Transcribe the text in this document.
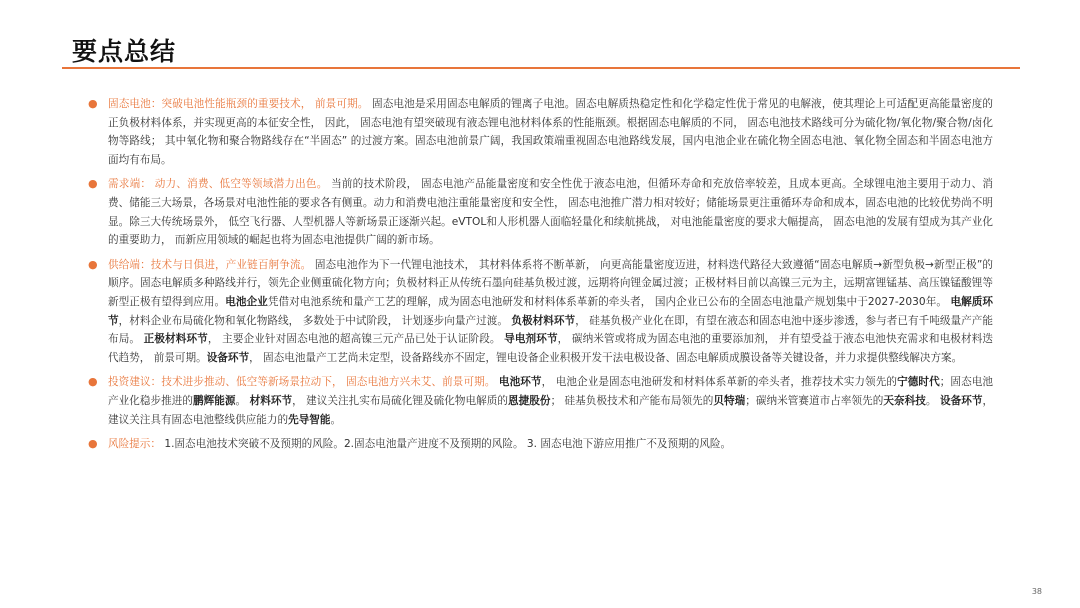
要点总结
● 固态电池：突破电池性能瓶颈的重要技术， 前景可期。 固态电池是采用固态电解质的锂离子电池。固态电解质热稳定性和化学稳定性优于常见的电解液，使其理论上可适配更高能量密度的正负极材料体系，并实现更高的本征安全性， 因此， 固态电池有望突破现有液态锂电池材料体系的性能瓶颈。根据固态电解质的不同， 固态电池技术路线可分为硫化物/氧化物/聚合物/卤化物等路线； 其中氧化物和聚合物路线存在“半固态” 的过渡方案。固态电池前景广阔，我国政策端重视固态电池路线发展，国内电池企业在硫化物全固态电池、氧化物全固态和半固态电池方面均有布局。
● 需求端： 动力、消费、低空等领域潜力出色。 当前的技术阶段， 固态电池产品能量密度和安全性优于液态电池，但循环寿命和充放倍率较差，且成本更高。全球锂电池主要用于动力、消费、储能三大场景，各场景对电池性能的要求各有侧重。动力和消费电池注重能量密度和安全性， 固态电池推广潜力相对较好；储能场景更注重循环寿命和成本，固态电池的比较优势尚不明显。除三大传统场景外， 低空飞行器、人型机器人等新场景正逐渐兴起。eVTOL和人形机器人面临轻量化和续航挑战， 对电池能量密度的要求大幅提高， 固态电池的发展有望成为其产业化的重要助力， 而新应用领域的崛起也将为固态电池提供广阔的新市场。
● 供给端：技术与日俱进，产业链百舸争流。 固态电池作为下一代锂电池技术， 其材料体系将不断革新， 向更高能量密度迈进，材料迭代路径大致遵循“固态电解质→新型负极→新型正极”的顺序。固态电解质多种路线并行，领先企业侧重硫化物方向；负极材料正从传统石墨向硅基负极过渡，远期将向锂金属过渡；正极材料目前以高镍三元为主，远期富锂锰基、高压镍锰酸锂等新型正极有望得到应用。电池企业凭借对电池系统和量产工艺的理解，成为固态电池研发和材料体系革新的牵头者， 国内企业已公布的全固态电池量产规划集中于2027-2030年。 电解质环节，材料企业布局硫化物和氧化物路线， 多数处于中试阶段， 计划逐步向量产过渡。 负极材料环节， 硅基负极产业化在即，有望在液态和固态电池中逐步渗透，参与者已有千吨级量产产能布局。 正极材料环节， 主要企业针对固态电池的超高镍三元产品已处于认证阶段。 导电剂环节， 碳纳米管或将成为固态电池的重要添加剂， 并有望受益于液态电池快充需求和电极材料迭代趋势， 前景可期。设备环节， 固态电池量产工艺尚未定型，设备路线亦不固定，锂电设备企业积极开发干法电极设备、固态电解质成膜设备等关键设备，并力求提供整线解决方案。
● 投资建议：技术进步推动、低空等新场景拉动下， 固态电池方兴未艾、前景可期。 电池环节， 电池企业是固态电池研发和材料体系革新的牵头者，推荐技术实力领先的宁德时代；固态电池产业化稳步推进的鹏辉能源。 材料环节， 建议关注扎实布局硫化锂及硫化物电解质的恩捷股份； 硅基负极技术和产能布局领先的贝特瑞；碳纳米管赛道市占率领先的天奈科技。 设备环节， 建议关注具有固态电池整线供应能力的先导智能。
● 风险提示： 1.固态电池技术突破不及预期的风险。2.固态电池量产进度不及预期的风险。 3. 固态电池下游应用推广不及预期的风险。
38
